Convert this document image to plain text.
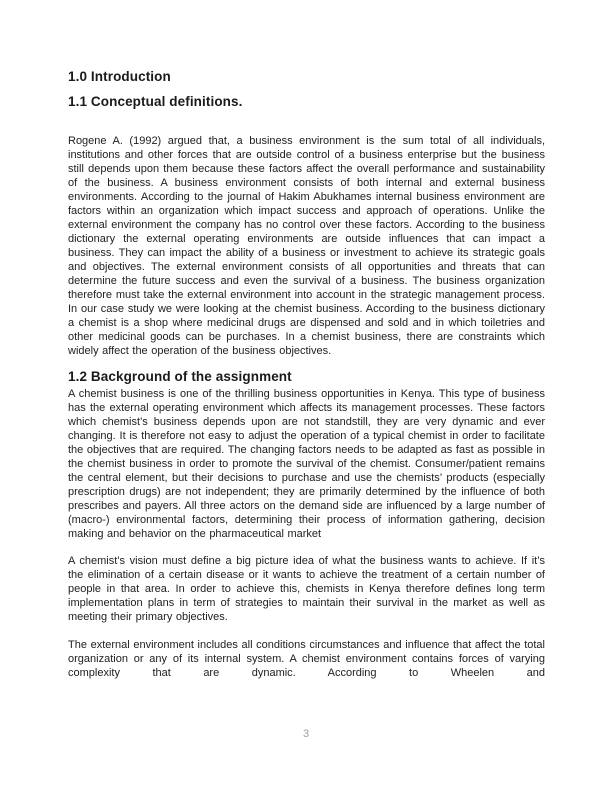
1.0 Introduction
1.1 Conceptual definitions.

Rogene A. (1992) argued that, a business environment is the sum total of all individuals, institutions and other forces that are outside control of a business enterprise but the business still depends upon them because these factors affect the overall performance and sustainability of the business. A business environment consists of both internal and external business environments. According to the journal of Hakim Abukhames internal business environment are factors within an organization which impact success and approach of operations. Unlike the external environment the company has no control over these factors. According to the business dictionary the external operating environments are outside influences that can impact a business. They can impact the ability of a business or investment to achieve its strategic goals and objectives. The external environment consists of all opportunities and threats that can determine the future success and even the survival of a business. The business organization therefore must take the external environment into account in the strategic management process. In our case study we were looking at the chemist business. According to the business dictionary a chemist is a shop where medicinal drugs are dispensed and sold and in which toiletries and other medicinal goods can be purchases. In a chemist business, there are constraints which widely affect the operation of the business objectives.

1.2 Background of the assignment

A chemist business is one of the thrilling business opportunities in Kenya. This type of business has the external operating environment which affects its management processes. These factors which chemist’s business depends upon are not standstill, they are very dynamic and ever changing. It is therefore not easy to adjust the operation of a typical chemist in order to facilitate the objectives that are required. The changing factors needs to be adapted as fast as possible in the chemist business in order to promote the survival of the chemist. Consumer/patient remains the central element, but their decisions to purchase and use the chemists’ products (especially prescription drugs) are not independent; they are primarily determined by the influence of both prescribes and payers. All three actors on the demand side are influenced by a large number of (macro-) environmental factors, determining their process of information gathering, decision making and behavior on the pharmaceutical market

A chemist’s vision must define a big picture idea of what the business wants to achieve. If it’s the elimination of a certain disease or it wants to achieve the treatment of a certain number of people in that area. In order to achieve this, chemists in Kenya therefore defines long term implementation plans in term of strategies to maintain their survival in the market as well as meeting their primary objectives.

The external environment includes all conditions circumstances and influence that affect the total organization or any of its internal system. A chemist environment contains forces of varying complexity that are dynamic. According to Wheelen and

3
